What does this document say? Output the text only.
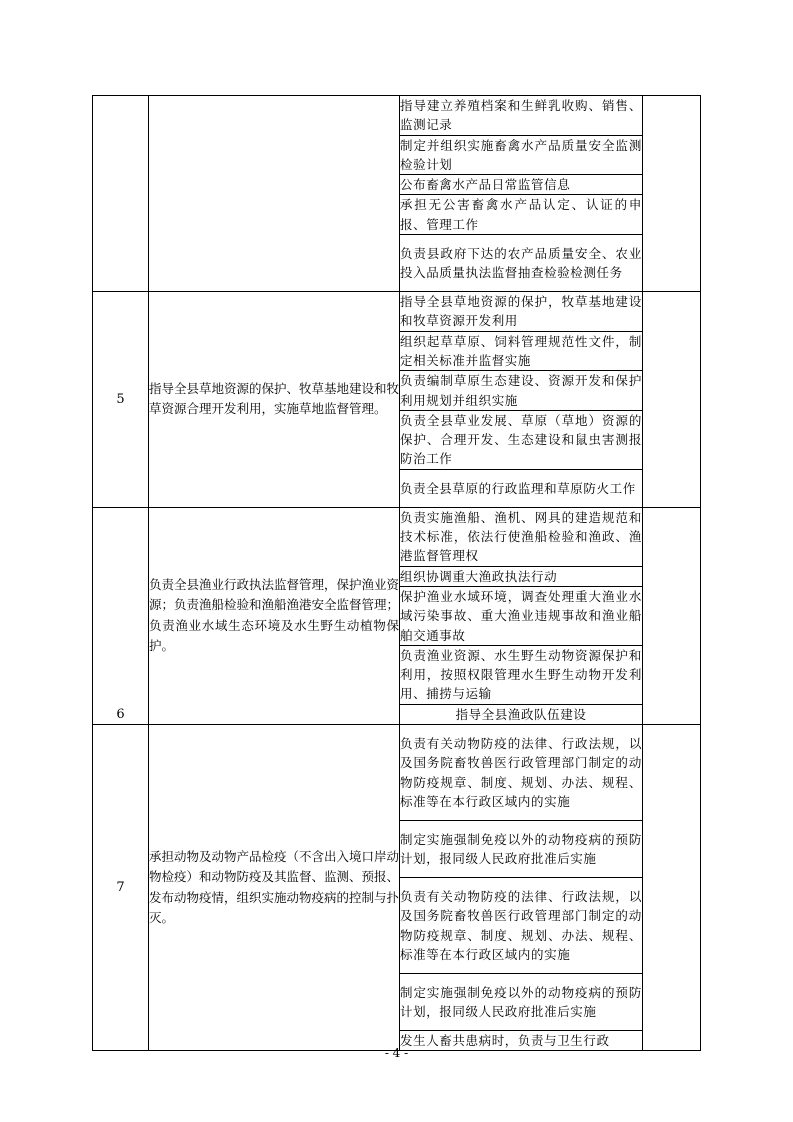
		指导建立养殖档案和生鲜乳收购、销售、监测记录	
		制定并组织实施畜禽水产品质量安全监测检验计划	
		公布畜禽水产品日常监管信息	
		承担无公害畜禽水产品认定、认证的申报、管理工作	
		负责县政府下达的农产品质量安全、农业投入品质量执法监督抽查检验检测任务	
5	指导全县草地资源的保护、牧草基地建设和牧草资源合理开发利用，实施草地监督管理。	指导全县草地资源的保护，牧草基地建设和牧草资源开发利用	
		组织起草草原、饲料管理规范性文件，制定相关标准并监督实施	
		负责编制草原生态建设、资源开发和保护利用规划并组织实施	
		负责全县草业发展、草原（草地）资源的保护、合理开发、生态建设和鼠虫害测报防治工作	
		负责全县草原的行政监理和草原防火工作	
6	负责全县渔业行政执法监督管理，保护渔业资源；负责渔船检验和渔船渔港安全监督管理；负责渔业水域生态环境及水生野生动植物保护。	负责实施渔船、渔机、网具的建造规范和技术标准，依法行使渔船检验和渔政、渔港监督管理权	
		组织协调重大渔政执法行动	
		保护渔业水域环境，调查处理重大渔业水域污染事故、重大渔业违规事故和渔业船舶交通事故	
		负责渔业资源、水生野生动物资源保护和利用，按照权限管理水生野生动物开发利用、捕捞与运输	
		指导全县渔政队伍建设	
7	承担动物及动物产品检疫（不含出入境口岸动物检疫）和动物防疫及其监督、监测、预报、发布动物疫情，组织实施动物疫病的控制与扑灭。	负责有关动物防疫的法律、行政法规，以及国务院畜牧兽医行政管理部门制定的动物防疫规章、制度、规划、办法、规程、标准等在本行政区域内的实施	
		制定实施强制免疫以外的动物疫病的预防计划，报同级人民政府批准后实施	
		负责有关动物防疫的法律、行政法规，以及国务院畜牧兽医行政管理部门制定的动物防疫规章、制度、规划、办法、规程、标准等在本行政区域内的实施	
		制定实施强制免疫以外的动物疫病的预防计划，报同级人民政府批准后实施	
		发生人畜共患病时，负责与卫生行政	
- 4 -
